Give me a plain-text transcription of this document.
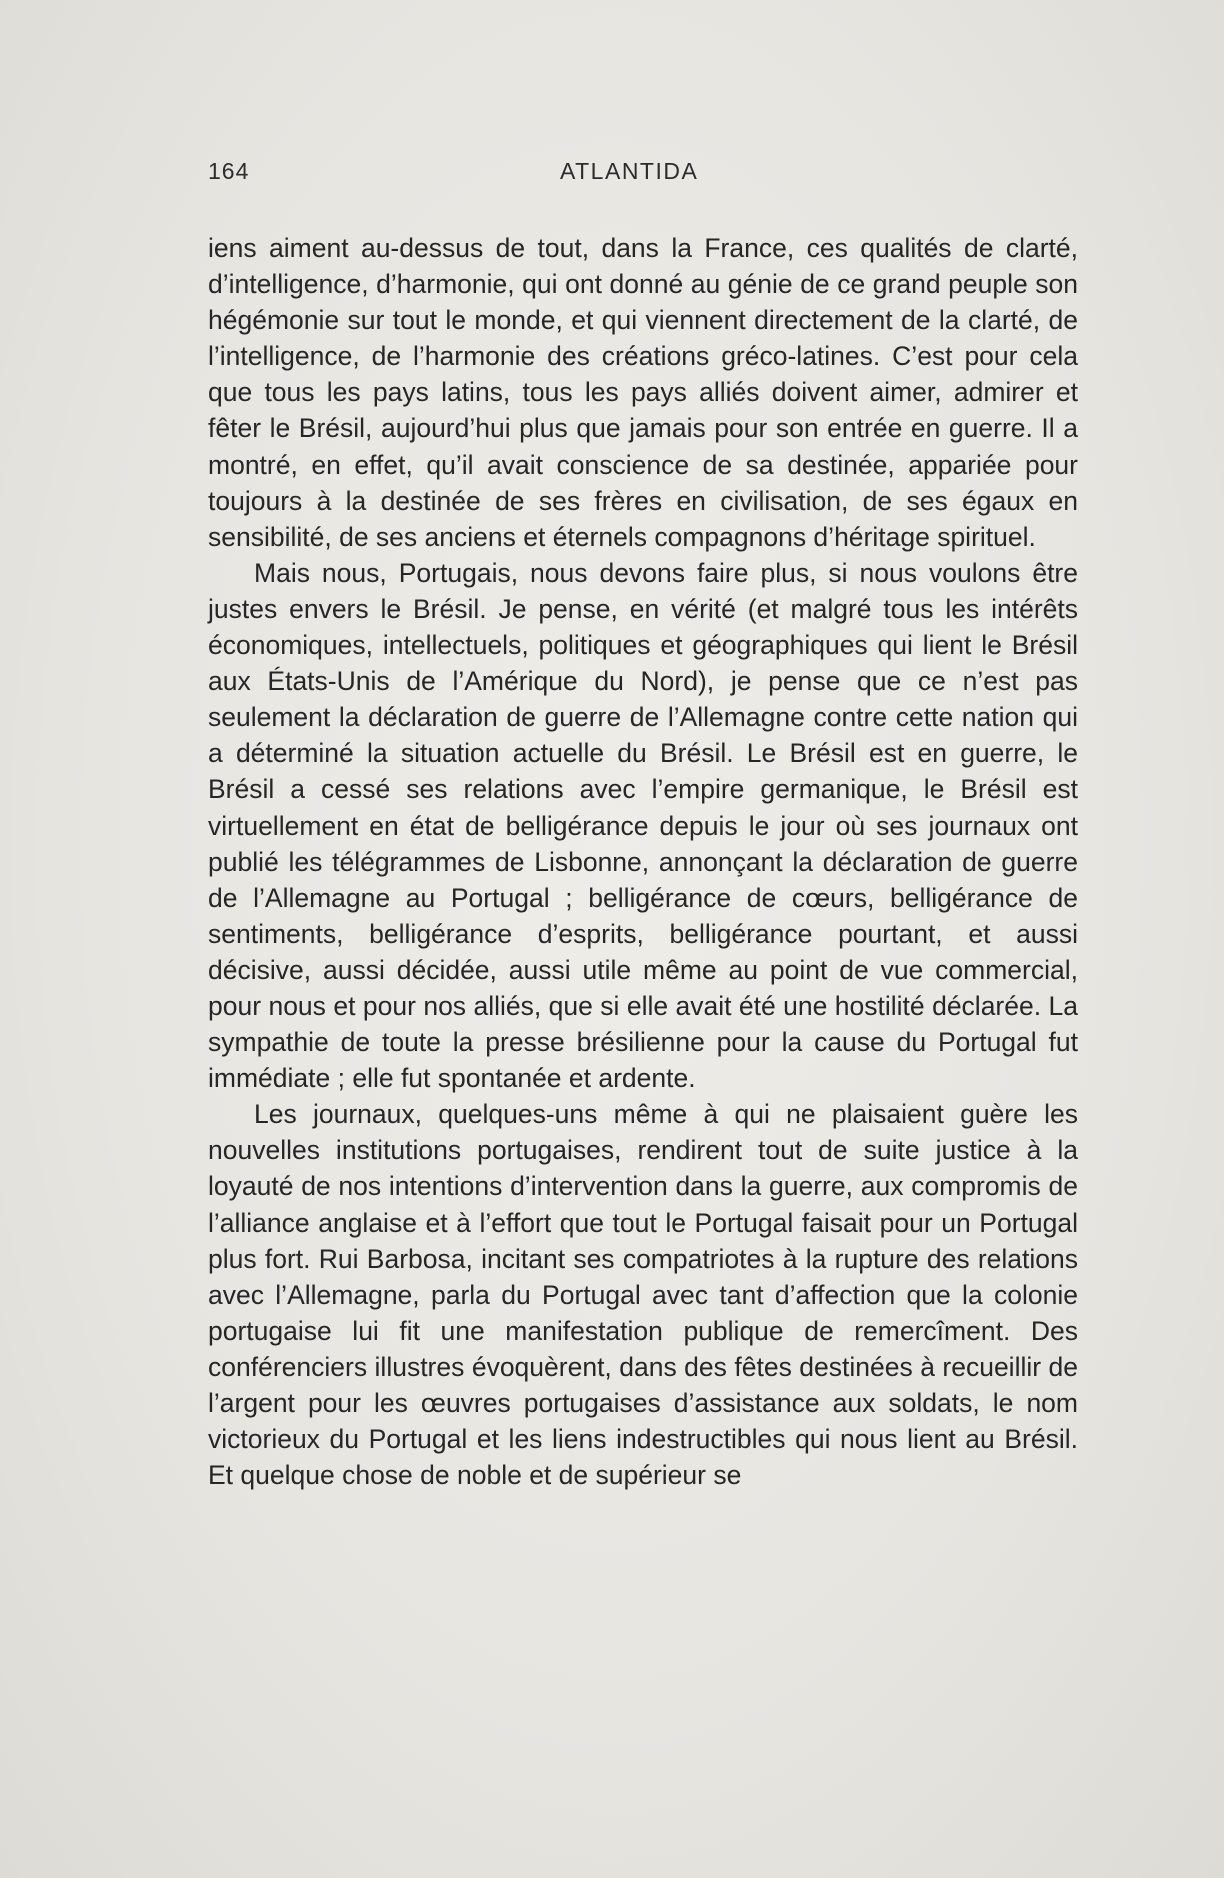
164	ATLANTIDA

iens aiment au-dessus de tout, dans la France, ces qualités de clarté, d’intelligence, d’harmonie, qui ont donné au génie de ce grand peuple son hégémonie sur tout le monde, et qui viennent directement de la clarté, de l’intelligence, de l’harmonie des créations gréco-latines. C’est pour cela que tous les pays latins, tous les pays alliés doivent aimer, admirer et fêter le Brésil, aujourd’hui plus que jamais pour son entrée en guerre. Il a montré, en effet, qu’il avait conscience de sa destinée, appariée pour toujours à la destinée de ses frères en civilisation, de ses égaux en sensibilité, de ses anciens et éternels compagnons d’héritage spirituel.

Mais nous, Portugais, nous devons faire plus, si nous voulons être justes envers le Brésil. Je pense, en vérité (et malgré tous les intérêts économiques, intellectuels, politiques et géographiques qui lient le Brésil aux États-Unis de l’Amérique du Nord), je pense que ce n’est pas seulement la déclaration de guerre de l’Allemagne contre cette nation qui a déterminé la situation actuelle du Brésil. Le Brésil est en guerre, le Brésil a cessé ses relations avec l’empire germanique, le Brésil est virtuellement en état de belligérance depuis le jour où ses journaux ont publié les télégrammes de Lisbonne, annonçant la déclaration de guerre de l’Allemagne au Portugal ; belligérance de cœurs, belligérance de sentiments, belligérance d’esprits, belligérance pourtant, et aussi décisive, aussi décidée, aussi utile même au point de vue commercial, pour nous et pour nos alliés, que si elle avait été une hostilité déclarée. La sympathie de toute la presse brésilienne pour la cause du Portugal fut immédiate ; elle fut spontanée et ardente.

Les journaux, quelques-uns même à qui ne plaisaient guère les nouvelles institutions portugaises, rendirent tout de suite justice à la loyauté de nos intentions d’intervention dans la guerre, aux compromis de l’alliance anglaise et à l’effort que tout le Portugal faisait pour un Portugal plus fort. Rui Barbosa, incitant ses compatriotes à la rupture des relations avec l’Allemagne, parla du Portugal avec tant d’affection que la colonie portugaise lui fit une manifestation publique de remercîment. Des conférenciers illustres évoquèrent, dans des fêtes destinées à recueillir de l’argent pour les œuvres portugaises d’assistance aux soldats, le nom victorieux du Portugal et les liens indestructibles qui nous lient au Brésil. Et quelque chose de noble et de supérieur se
